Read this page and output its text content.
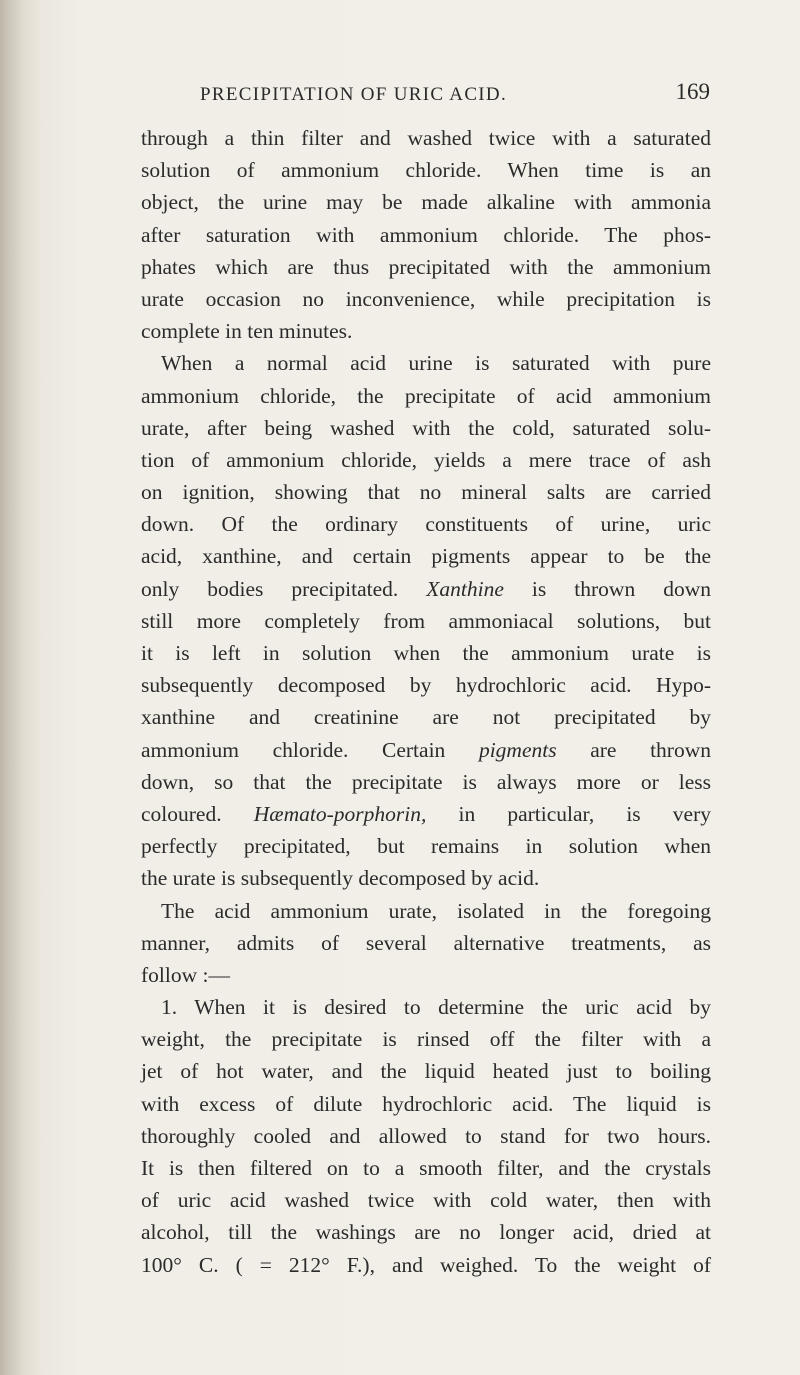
PRECIPITATION OF URIC ACID.	169
through a thin filter and washed twice with a saturated
solution of ammonium chloride. When time is an
object, the urine may be made alkaline with ammonia
after saturation with ammonium chloride. The phos-
phates which are thus precipitated with the ammonium
urate occasion no inconvenience, while precipitation is
complete in ten minutes.
When a normal acid urine is saturated with pure
ammonium chloride, the precipitate of acid ammonium
urate, after being washed with the cold, saturated solu-
tion of ammonium chloride, yields a mere trace of ash
on ignition, showing that no mineral salts are carried
down. Of the ordinary constituents of urine, uric
acid, xanthine, and certain pigments appear to be the
only bodies precipitated. Xanthine is thrown down
still more completely from ammoniacal solutions, but
it is left in solution when the ammonium urate is
subsequently decomposed by hydrochloric acid. Hypo-
xanthine and creatinine are not precipitated by
ammonium chloride. Certain pigments are thrown
down, so that the precipitate is always more or less
coloured. Hæmato-porphorin, in particular, is very
perfectly precipitated, but remains in solution when
the urate is subsequently decomposed by acid.
The acid ammonium urate, isolated in the foregoing
manner, admits of several alternative treatments, as
follow :—
1. When it is desired to determine the uric acid by
weight, the precipitate is rinsed off the filter with a
jet of hot water, and the liquid heated just to boiling
with excess of dilute hydrochloric acid. The liquid is
thoroughly cooled and allowed to stand for two hours.
It is then filtered on to a smooth filter, and the crystals
of uric acid washed twice with cold water, then with
alcohol, till the washings are no longer acid, dried at
100° C. ( = 212° F.), and weighed. To the weight of
